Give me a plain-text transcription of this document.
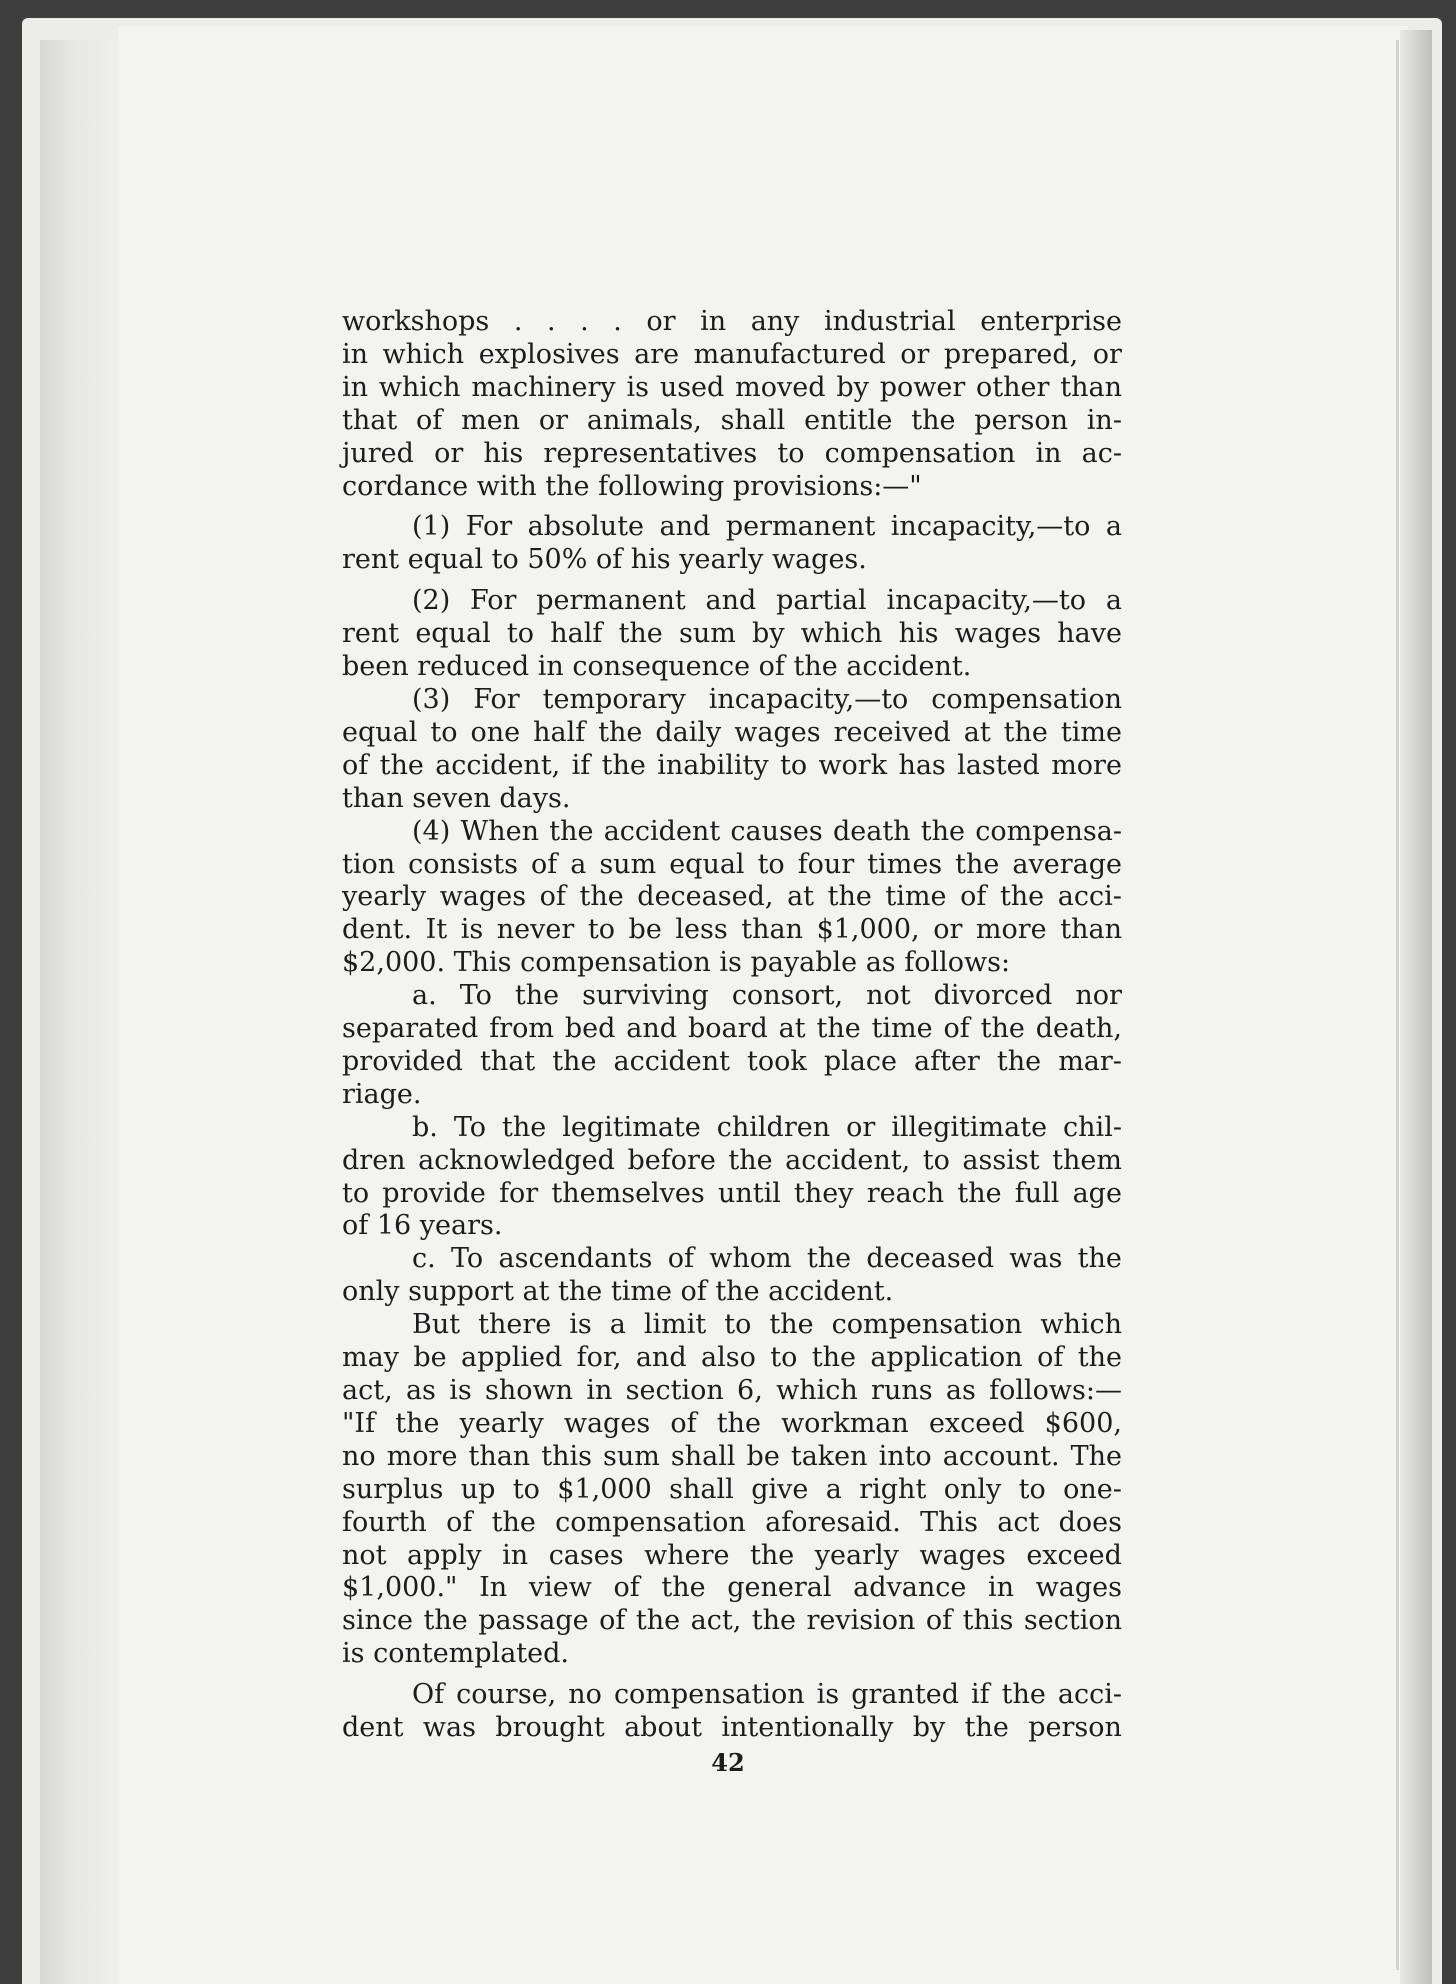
workshops . . . . or in any industrial enterprise
in which explosives are manufactured or prepared, or
in which machinery is used moved by power other than
that of men or animals, shall entitle the person in-
jured or his representatives to compensation in ac-
cordance with the following provisions:—"
(1) For absolute and permanent incapacity,—to a
rent equal to 50% of his yearly wages.
(2) For permanent and partial incapacity,—to a
rent equal to half the sum by which his wages have
been reduced in consequence of the accident.
(3) For temporary incapacity,—to compensation
equal to one half the daily wages received at the time
of the accident, if the inability to work has lasted more
than seven days.
(4) When the accident causes death the compensa-
tion consists of a sum equal to four times the average
yearly wages of the deceased, at the time of the acci-
dent. It is never to be less than $1,000, or more than
$2,000. This compensation is payable as follows:
a. To the surviving consort, not divorced nor
separated from bed and board at the time of the death,
provided that the accident took place after the mar-
riage.
b. To the legitimate children or illegitimate chil-
dren acknowledged before the accident, to assist them
to provide for themselves until they reach the full age
of 16 years.
c. To ascendants of whom the deceased was the
only support at the time of the accident.
But there is a limit to the compensation which
may be applied for, and also to the application of the
act, as is shown in section 6, which runs as follows:—
"If the yearly wages of the workman exceed $600,
no more than this sum shall be taken into account. The
surplus up to $1,000 shall give a right only to one-
fourth of the compensation aforesaid. This act does
not apply in cases where the yearly wages exceed
$1,000." In view of the general advance in wages
since the passage of the act, the revision of this section
is contemplated.
Of course, no compensation is granted if the acci-
dent was brought about intentionally by the person
42
